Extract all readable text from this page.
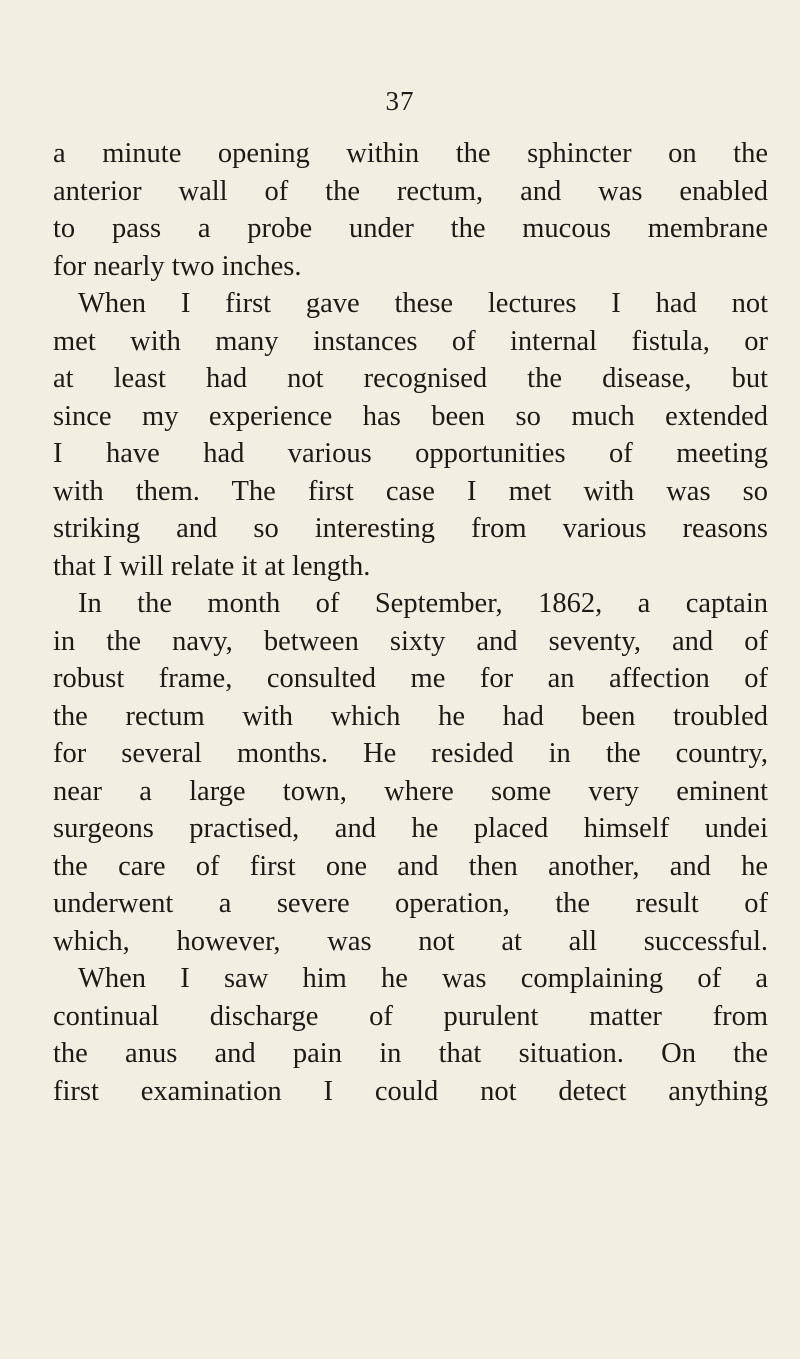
37
a minute opening within the sphincter on the
anterior wall of the rectum, and was enabled
to pass a probe under the mucous membrane
for nearly two inches.
When I first gave these lectures I had not
met with many instances of internal fistula, or
at least had not recognised the disease, but
since my experience has been so much extended
I have had various opportunities of meeting
with them. The first case I met with was so
striking and so interesting from various reasons
that I will relate it at length.
In the month of September, 1862, a captain
in the navy, between sixty and seventy, and of
robust frame, consulted me for an affection of
the rectum with which he had been troubled
for several months. He resided in the country,
near a large town, where some very eminent
surgeons practised, and he placed himself undei
the care of first one and then another, and he
underwent a severe operation, the result of
which, however, was not at all successful.
When I saw him he was complaining of a
continual discharge of purulent matter from
the anus and pain in that situation. On the
first examination I could not detect anything
